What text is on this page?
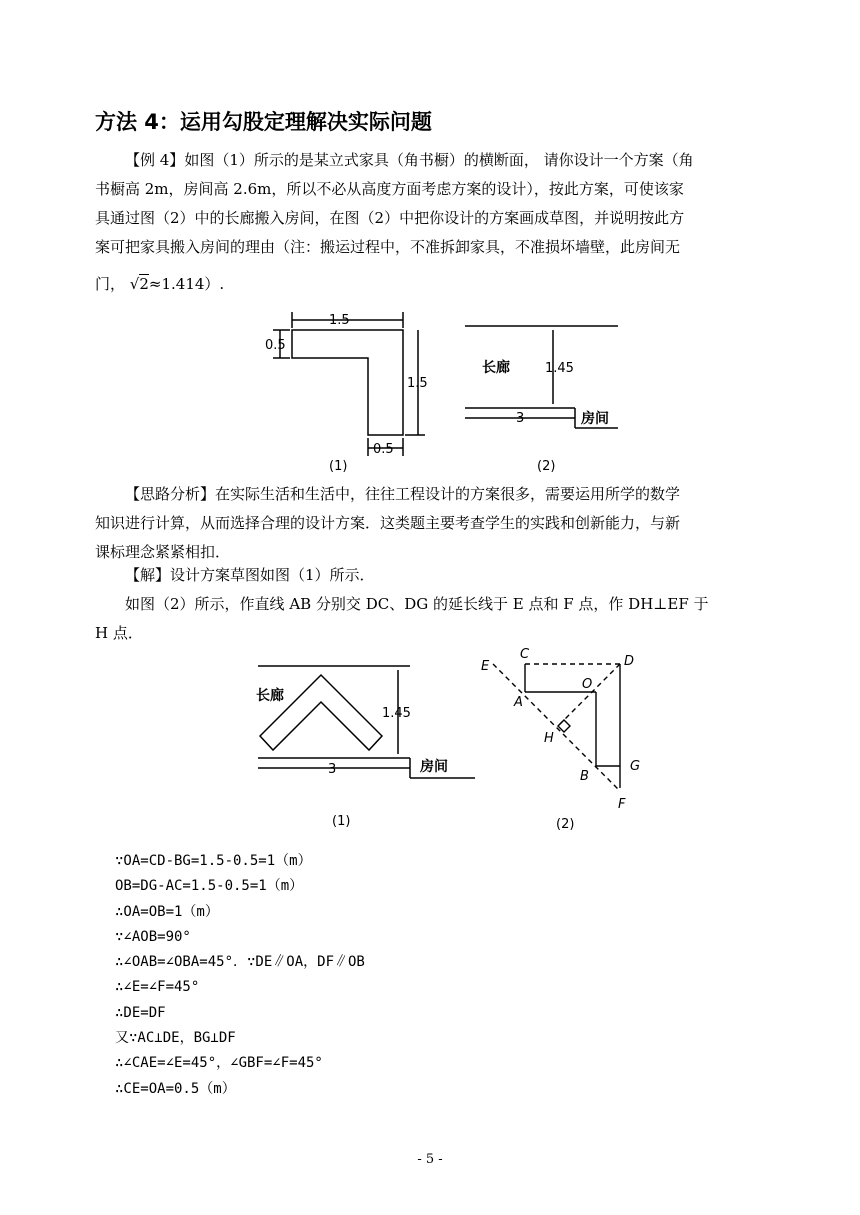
方法 4：运用勾股定理解决实际问题
【例 4】如图（1）所示的是某立式家具（角书橱）的横断面， 请你设计一个方案（角
书橱高 2m，房间高 2.6m，所以不必从高度方面考虑方案的设计），按此方案，可使该家
具通过图（2）中的长廊搬入房间，在图（2）中把你设计的方案画成草图，并说明按此方
案可把家具搬入房间的理由（注：搬运过程中，不准拆卸家具，不准损坏墙壁，此房间无
门， √2≈1.414）.
1.5
0.5
1.5
0.5
(1)
长廊	1.45
3	房间
(2)
【思路分析】在实际生活和生活中，往往工程设计的方案很多，需要运用所学的数学
知识进行计算，从而选择合理的设计方案．这类题主要考查学生的实践和创新能力，与新
课标理念紧紧相扣．
【解】设计方案草图如图（1）所示．
如图（2）所示，作直线 AB 分别交 DC、DG 的延长线于 E 点和 F 点，作 DH⊥EF 于
H 点．
长廊
1.45
3	房间
(1)
E
C	D
O
A
H
B
G
F
(2)
∵OA=CD-BG=1.5-0.5=1（m）
OB=DG-AC=1.5-0.5=1（m）
∴OA=OB=1（m）
∵∠AOB=90°
∴∠OAB=∠OBA=45°．∵DE∥OA，DF∥OB
∴∠E=∠F=45°
∴DE=DF
又∵AC⊥DE，BG⊥DF
∴∠CAE=∠E=45°，∠GBF=∠F=45°
∴CE=OA=0.5（m）
- 5 -
